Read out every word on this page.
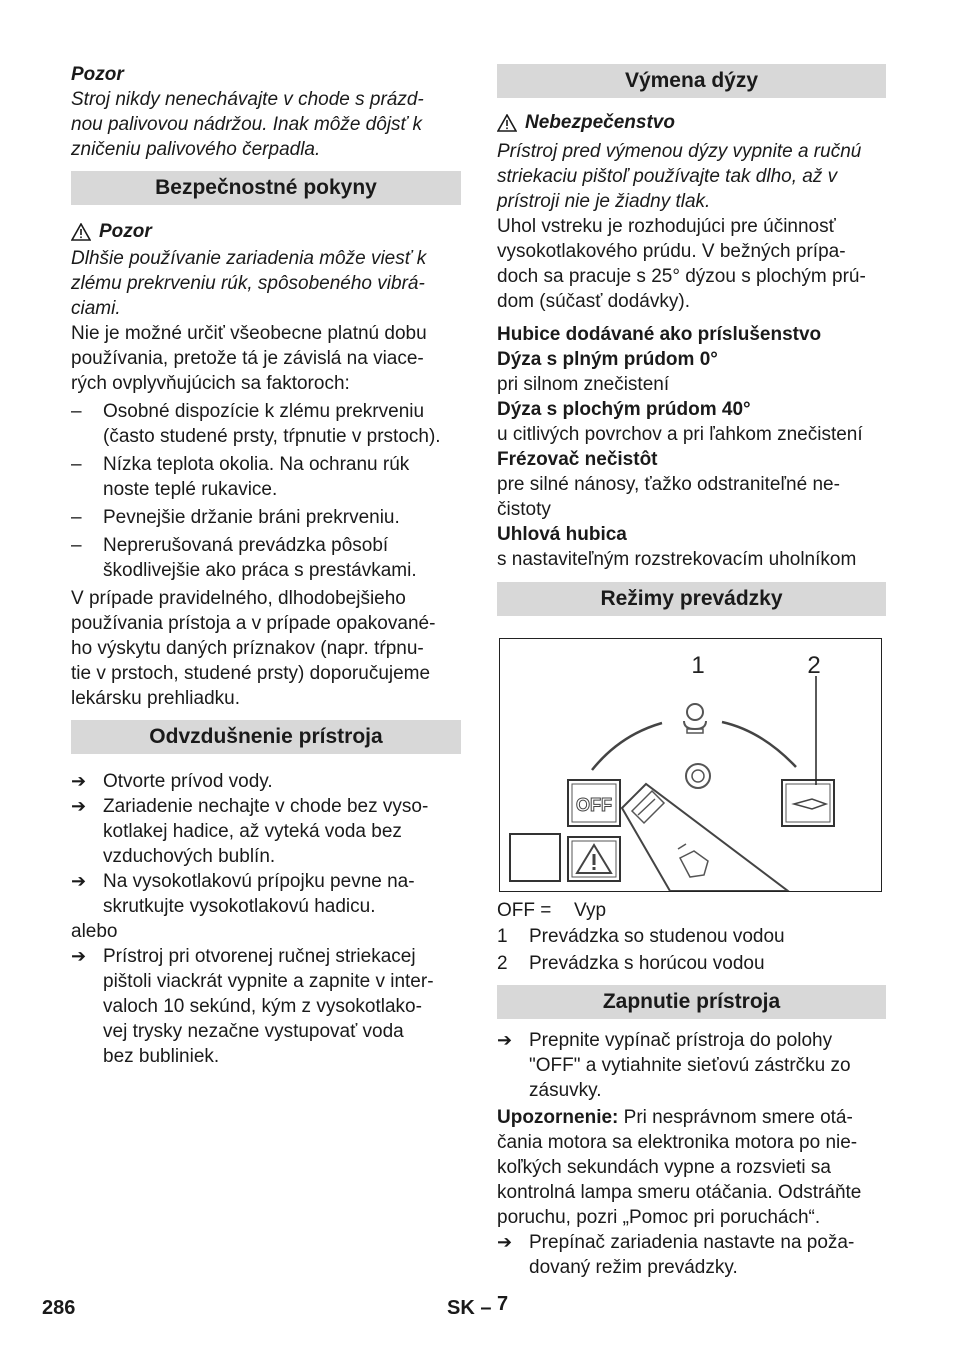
Pozor

Stroj nikdy nenechávajte v chode s prázd-

nou palivovou nádržou. Inak môže dôjsť k

zničeniu palivového čerpadla.

Bezpečnostné pokyny
Pozor

Dlhšie používanie zariadenia môže viesť k

zlému prekrveniu rúk, spôsobeného vibrá-

ciami.

Nie je možné určiť všeobecne platnú dobu

používania, pretože tá je závislá na viace-

rých ovplyvňujúcich sa faktoroch:

–	Osobné dispozície k zlému prekrveniu

(často studené prsty, tŕpnutie v prstoch).

–	Nízka teplota okolia. Na ochranu rúk

noste teplé rukavice.

–	Pevnejšie držanie bráni prekrveniu.

–	Neprerušovaná prevádzka pôsobí

škodlivejšie ako práca s prestávkami.

V prípade pravidelného, dlhodobejšieho

používania prístoja a v prípade opakované-

ho výskytu daných príznakov (napr. tŕpnu-

tie v prstoch, studené prsty) doporučujeme

lekársku prehliadku.

Odvzdušnenie prístroja
➔ Otvorte prívod vody.

➔ Zariadenie nechajte v chode bez vyso-

kotlakej hadice, až vyteká voda bez

vzduchových bublín.

➔ Na vysokotlakovú prípojku pevne na-

skrutkujte vysokotlakovú hadicu.

alebo

➔ Prístroj pri otvorenej ručnej striekacej

pištoli viackrát vypnite a zapnite v inter-

valoch 10 sekúnd, kým z vysokotlako-

vej trysky nezačne vystupovať voda

bez bubliniek.

Výmena dýzy
Nebezpečenstvo

Prístroj pred výmenou dýzy vypnite a ručnú

striekaciu pištoľ používajte tak dlho, až v

prístroji nie je žiadny tlak.

Uhol vstreku je rozhodujúci pre účinnosť

vysokotlakového prúdu. V bežných prípa-

doch sa pracuje s 25° dýzou s plochým prú-

dom (súčasť dodávky).

Hubice dodávané ako príslušenstvo

Dýza s plným prúdom 0°

pri silnom znečistení

Dýza s plochým prúdom 40°

u citlivých povrchov a pri ľahkom znečistení

Frézovač nečistôt

pre silné nánosy, ťažko odstraniteľné ne-

čistoty

Uhlová hubica

s nastaviteľným rozstrekovacím uholníkom

Režimy prevádzky
OFF
1	2
OFF =	Vyp
1	Prevádzka so studenou vodou
2	Prevádzka s horúcou vodou
Zapnutie prístroja
➔ Prepnite vypínač prístroja do polohy

"OFF" a vytiahnite sieťovú zástrčku zo

zásuvky.

Upozornenie: Pri nesprávnom smere otá-

čania motora sa elektronika motora po nie-

koľkých sekundách vypne a rozsvieti sa

kontrolná lampa smeru otáčania. Odstráňte

poruchu, pozri „Pomoc pri poruchách“.

➔ Prepínač zariadenia nastavte na poža-

dovaný režim prevádzky.

286	SK – 7
